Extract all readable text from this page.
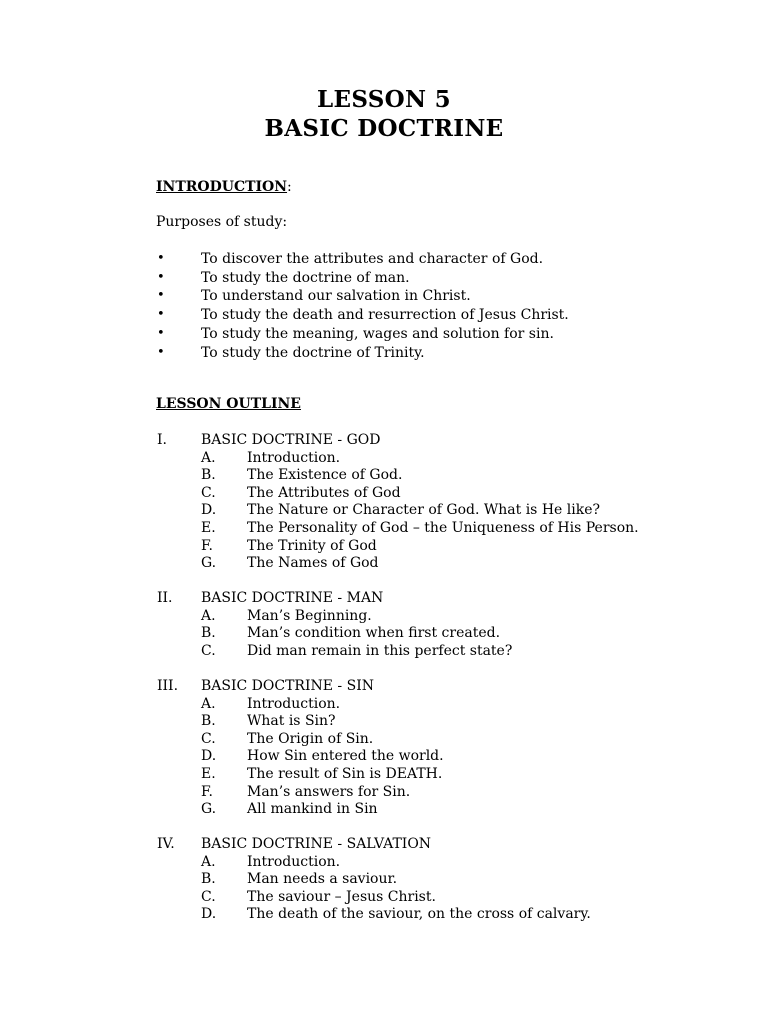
LESSON 5
BASIC DOCTRINE
INTRODUCTION:
Purposes of study:
•	To discover the attributes and character of God.
•	To study the doctrine of man.
•	To understand our salvation in Christ.
•	To study the death and resurrection of Jesus Christ.
•	To study the meaning, wages and solution for sin.
•	To study the doctrine of Trinity.
LESSON OUTLINE
I. BASIC DOCTRINE - GOD
A. Introduction.
B. The Existence of God.
C. The Attributes of God
D. The Nature or Character of God. What is He like?
E. The Personality of God – the Uniqueness of His Person.
F. The Trinity of God
G. The Names of God
II. BASIC DOCTRINE - MAN
A. Man’s Beginning.
B. Man’s condition when first created.
C. Did man remain in this perfect state?
III. BASIC DOCTRINE - SIN
A. Introduction.
B. What is Sin?
C. The Origin of Sin.
D. How Sin entered the world.
E. The result of Sin is DEATH.
F. Man’s answers for Sin.
G. All mankind in Sin
IV. BASIC DOCTRINE - SALVATION
A. Introduction.
B. Man needs a saviour.
C. The saviour – Jesus Christ.
D. The death of the saviour, on the cross of calvary.
